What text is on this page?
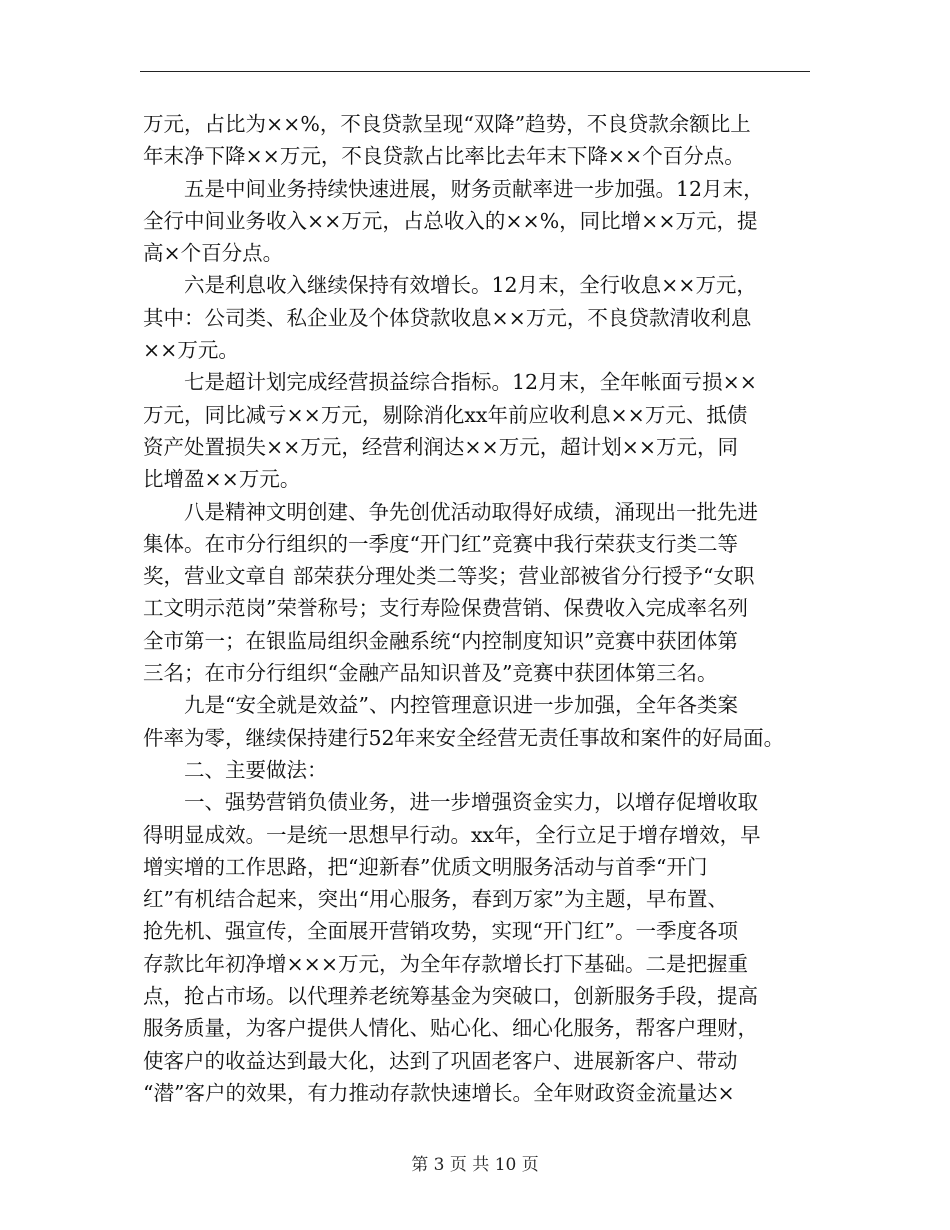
万元，占比为××%，不良贷款呈现“双降”趋势，不良贷款余额比上
年末净下降××万元，不良贷款占比率比去年末下降××个百分点。
　　五是中间业务持续快速进展，财务贡献率进一步加强。12月末，
全行中间业务收入××万元，占总收入的××%，同比增××万元，提
高×个百分点。
　　六是利息收入继续保持有效增长。12月末，全行收息××万元，
其中：公司类、私企业及个体贷款收息××万元，不良贷款清收利息
××万元。
　　七是超计划完成经营损益综合指标。12月末，全年帐面亏损××
万元，同比减亏××万元，剔除消化xx年前应收利息××万元、抵债
资产处置损失××万元，经营利润达××万元，超计划××万元，同
比增盈××万元。
　　八是精神文明创建、争先创优活动取得好成绩，涌现出一批先进
集体。在市分行组织的一季度“开门红”竞赛中我行荣获支行类二等
奖，营业文章自 部荣获分理处类二等奖；营业部被省分行授予“女职
工文明示范岗”荣誉称号；支行寿险保费营销、保费收入完成率名列
全市第一；在银监局组织金融系统“内控制度知识”竞赛中获团体第
三名；在市分行组织“金融产品知识普及”竞赛中获团体第三名。
　　九是“安全就是效益”、内控管理意识进一步加强，全年各类案
件率为零，继续保持建行52年来安全经营无责任事故和案件的好局面。
　　二、主要做法：
　　一、强势营销负债业务，进一步增强资金实力，以增存促增收取
得明显成效。一是统一思想早行动。xx年，全行立足于增存增效，早
增实增的工作思路，把“迎新春”优质文明服务活动与首季“开门
红”有机结合起来，突出“用心服务，春到万家”为主题，早布置、
抢先机、强宣传，全面展开营销攻势，实现“开门红”。一季度各项
存款比年初净增×××万元，为全年存款增长打下基础。二是把握重
点，抢占市场。以代理养老统筹基金为突破口，创新服务手段，提高
服务质量，为客户提供人情化、贴心化、细心化服务，帮客户理财，
使客户的收益达到最大化，达到了巩固老客户、进展新客户、带动
“潜”客户的效果，有力推动存款快速增长。全年财政资金流量达×
第 3 页 共 10 页
